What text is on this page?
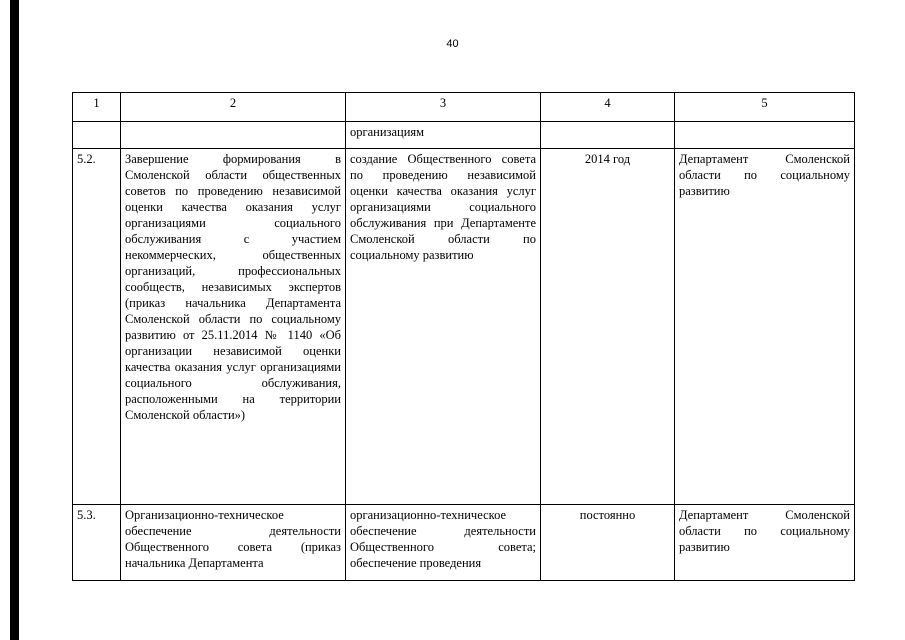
40
1	2	3	4	5
		организациям		
5.2.	Завершение формирования в Смоленской области общественных советов по проведению независимой оценки качества оказания услуг организациями социального обслуживания с участием некоммерческих, общественных организаций, профессиональных сообществ, независимых экспертов (приказ начальника Департамента Смоленской области по социальному развитию от 25.11.2014 № 1140 «Об организации независимой оценки качества оказания услуг организациями социального обслуживания, расположенными на территории Смоленской области»)	создание Общественного совета по проведению независимой оценки качества оказания услуг организациями социального обслуживания при Департаменте Смоленской области по социальному развитию	2014 год	Департамент Смоленской области по социальному развитию
5.3.	Организационно-техническое обеспечение деятельности Общественного совета (приказ начальника Департамента	организационно-техническое обеспечение деятельности Общественного совета; обеспечение проведения	постоянно	Департамент Смоленской области по социальному развитию
